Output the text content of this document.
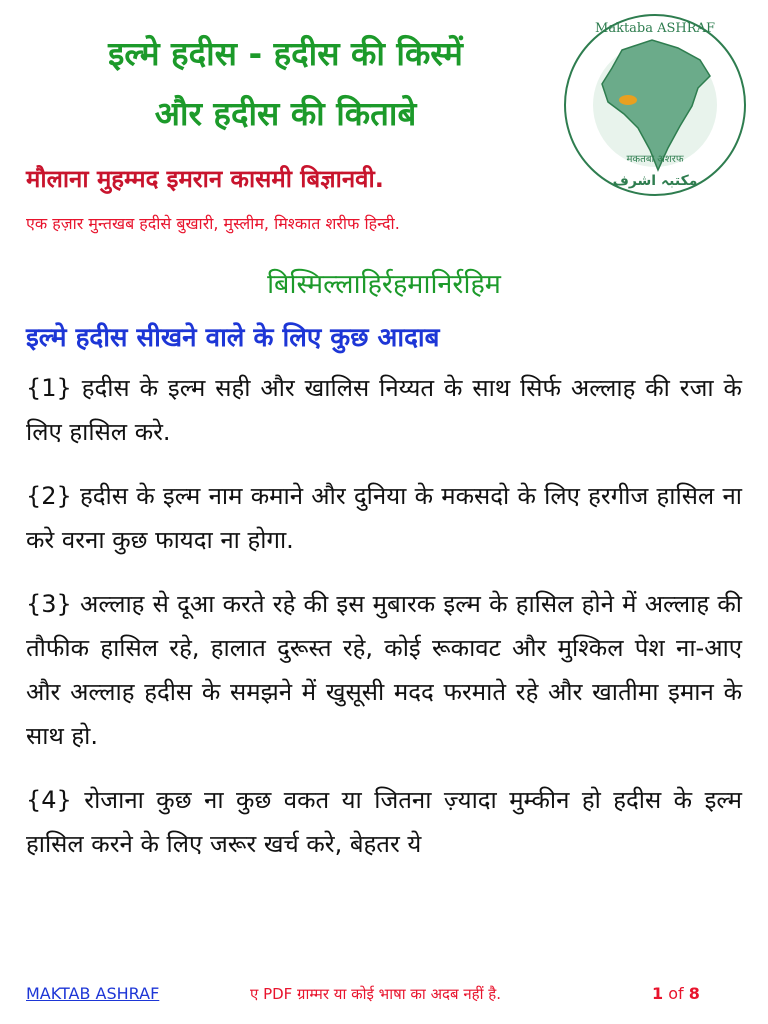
इल्मे हदीस - हदीस की किस्में
और हदीस की किताबे
Maktaba ASHRAF
मकतबा अशरफ
مکتبہ اشرف

मौलाना मुहम्मद इमरान कासमी बिज्ञानवी.

एक हज़ार मुन्तखब हदीसे बुखारी, मुस्लीम, मिश्कात शरीफ हिन्दी.

बिस्मिल्लाहिर्रहमानिर्रहिम

इल्मे हदीस सीखने वाले के लिए कुछ आदाब

{1} हदीस के इल्म सही और खालिस निय्यत के साथ सिर्फ अल्लाह की रजा के लिए हासिल करे.

{2} हदीस के इल्म नाम कमाने और दुनिया के मकसदो के लिए हरगीज हासिल ना करे वरना कुछ फायदा ना होगा.

{3} अल्लाह से दूआ करते रहे की इस मुबारक इल्म के हासिल होने में अल्लाह की तौफीक हासिल रहे, हालात दुरूस्त रहे, कोई रूकावट और मुश्किल पेश ना-आए और अल्लाह हदीस के समझने में खुसूसी मदद फरमाते रहे और खातीमा इमान के साथ हो.

{4} रोजाना कुछ ना कुछ वकत या जितना ज़्यादा मुम्कीन हो हदीस के इल्म हासिल करने के लिए जरूर खर्च करे, बेहतर ये

MAKTAB ASHRAF	ए PDF ग्राम्मर या कोई भाषा का अदब नहीं है.	1 of 8
